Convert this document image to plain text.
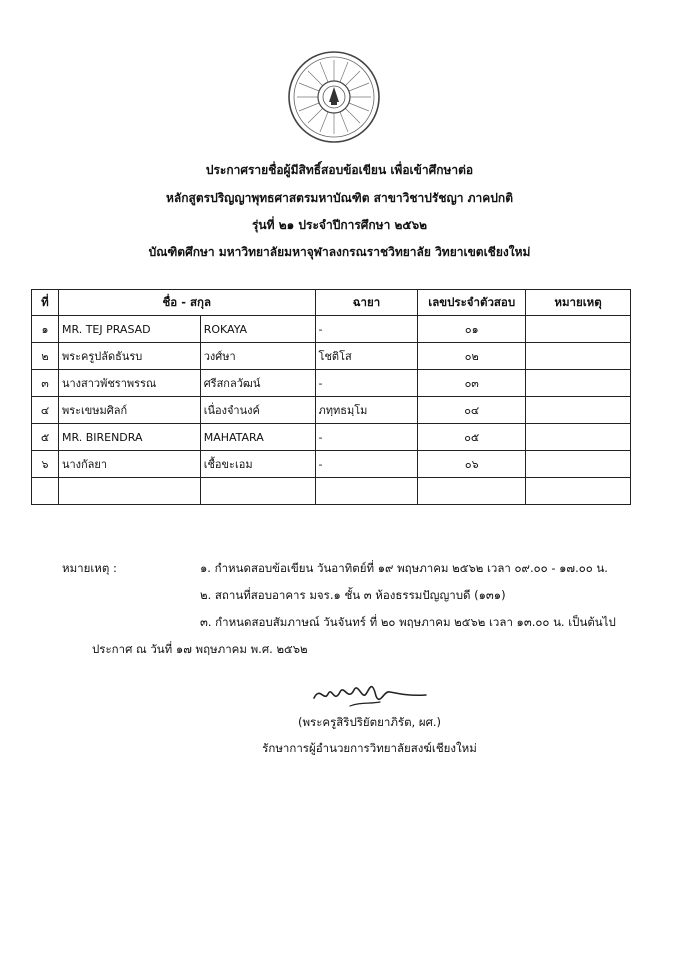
ประกาศรายชื่อผู้มีสิทธิ์สอบข้อเขียน เพื่อเข้าศึกษาต่อ
หลักสูตรปริญญาพุทธศาสตรมหาบัณฑิต สาขาวิชาปรัชญา ภาคปกติ
รุ่นที่ ๒๑ ประจำปีการศึกษา ๒๕๖๒
บัณฑิตศึกษา มหาวิทยาลัยมหาจุฬาลงกรณราชวิทยาลัย วิทยาเขตเชียงใหม่
ที่	ชื่อ - สกุล		ฉายา	เลขประจำตัวสอบ	หมายเหตุ
๑	MR. TEJ PRASAD	ROKAYA	-	๐๑	
๒	พระครูปลัดธันรบ	วงศ์ษา	โชติโส	๐๒	
๓	นางสาวพัชราพรรณ	ศรีสกลวัฒน์	-	๐๓	
๔	พระเขษมศิลก์	เนื่องจำนงค์	ภทฺทธมฺโม	๐๔	
๕	MR. BIRENDRA	MAHATARA	-	๐๕	
๖	นางกัลยา	เชื้อขะเอม	-	๐๖	

หมายเหตุ :	๑. กำหนดสอบข้อเขียน วันอาทิตย์ที่ ๑๙ พฤษภาคม ๒๕๖๒ เวลา ๐๙.๐๐ - ๑๗.๐๐ น.
๒. สถานที่สอบอาคาร มจร.๑ ชั้น ๓ ห้องธรรมปัญญาบดี (๑๓๑)
๓. กำหนดสอบสัมภาษณ์ วันจันทร์ ที่ ๒๐ พฤษภาคม ๒๕๖๒ เวลา ๑๓.๐๐ น. เป็นต้นไป
ประกาศ ณ วันที่ ๑๗ พฤษภาคม พ.ศ. ๒๕๖๒
(พระครูสิริปริยัตยาภิรัต, ผศ.)
รักษาการผู้อำนวยการวิทยาลัยสงฆ์เชียงใหม่
